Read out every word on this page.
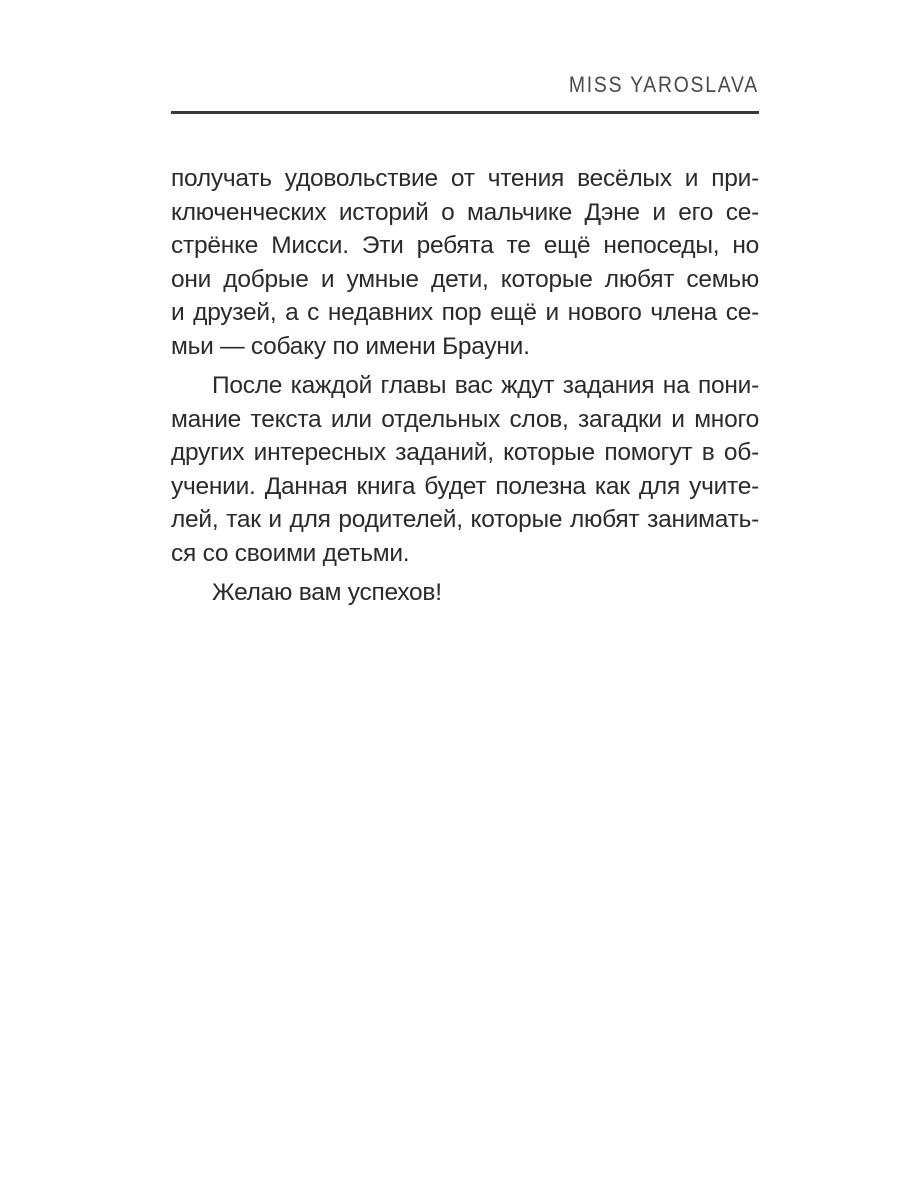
MISS YAROSLAVA
получать удовольствие от чтения весёлых и при-
ключенческих историй о мальчике Дэне и его се-
стрёнке Мисси. Эти ребята те ещё непоседы, но
они добрые и умные дети, которые любят семью
и друзей, а с недавних пор ещё и нового члена се-
мьи — собаку по имени Брауни.
После каждой главы вас ждут задания на пони-
мание текста или отдельных слов, загадки и много
других интересных заданий, которые помогут в об-
учении. Данная книга будет полезна как для учите-
лей, так и для родителей, которые любят занимать-
ся со своими детьми.
Желаю вам успехов!
